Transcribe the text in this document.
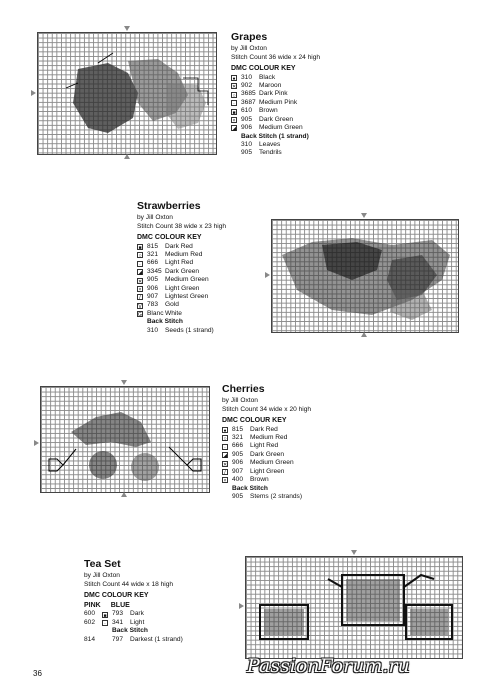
Grapes
by Jill Oxton
Stitch Count 36 wide x 24 high
DMC COLOUR KEY
● 310	Black
✕ 902	Maroon
○ 3685 Dark Pink
· 3687 Medium Pink
■ 610	Brown
× 905	Dark Green
◢ 906	Medium Green
Back Stitch (1 strand)
310	Leaves
905	Tendrils
Strawberries
by Jill Oxton
Stitch Count 38 wide x 23 high
DMC COLOUR KEY
■ 815	Dark Red
○ 321	Medium Red
· 666	Light Red
◢ 3345 Dark Green
✕ 905	Medium Green
× 906	Light Green
/ 907	Lightest Green
V 783	Gold
G Blanc White
Back Stitch
310	Seeds (1 strand)
Cherries
by Jill Oxton
Stitch Count 34 wide x 20 high
DMC COLOUR KEY
● 815	Dark Red
○ 321	Medium Red
· 666	Light Red
◢ 905	Dark Green
✕ 906	Medium Green
/ 907	Light Green
× 400	Brown
Back Stitch
905	Stems (2 strands)
Tea Set
by Jill Oxton
Stitch Count 44 wide x 18 high
DMC COLOUR KEY
PINK BLUE
600	■ 793	Dark
602	· 341	Light
Back Stitch
814	797	Darkest (1 strand)
36	PassionForum.ru
